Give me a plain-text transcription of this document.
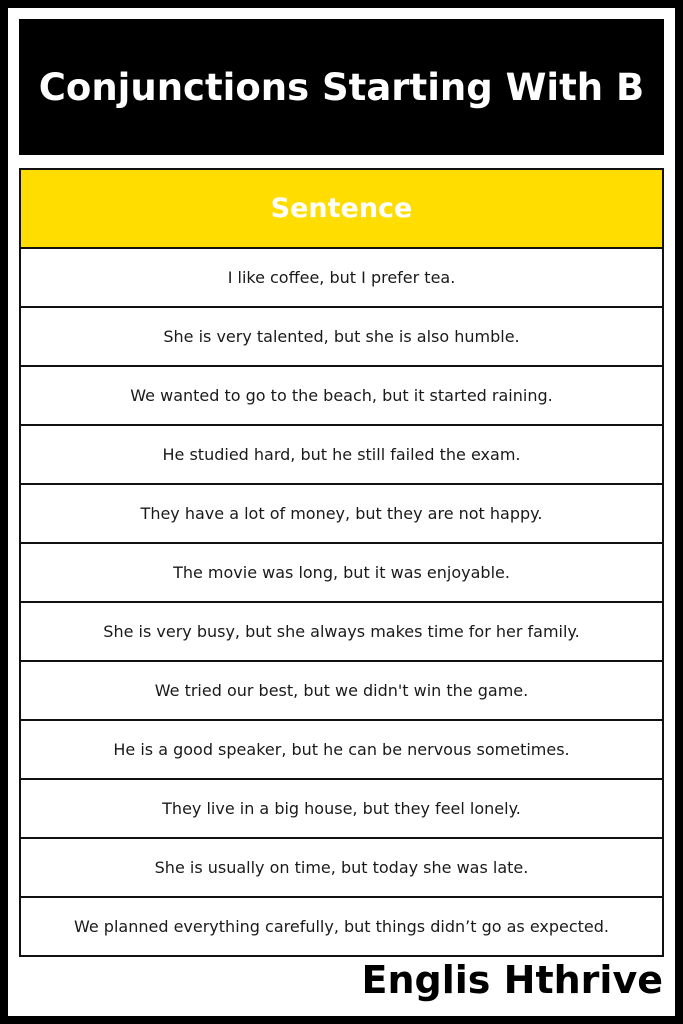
Conjunctions Starting With B
Sentence
I like coffee, but I prefer tea.
She is very talented, but she is also humble.
We wanted to go to the beach, but it started raining.
He studied hard, but he still failed the exam.
They have a lot of money, but they are not happy.
The movie was long, but it was enjoyable.
She is very busy, but she always makes time for her family.
We tried our best, but we didn't win the game.
He is a good speaker, but he can be nervous sometimes.
They live in a big house, but they feel lonely.
She is usually on time, but today she was late.
We planned everything carefully, but things didn’t go as expected.
Englis Hthrive
